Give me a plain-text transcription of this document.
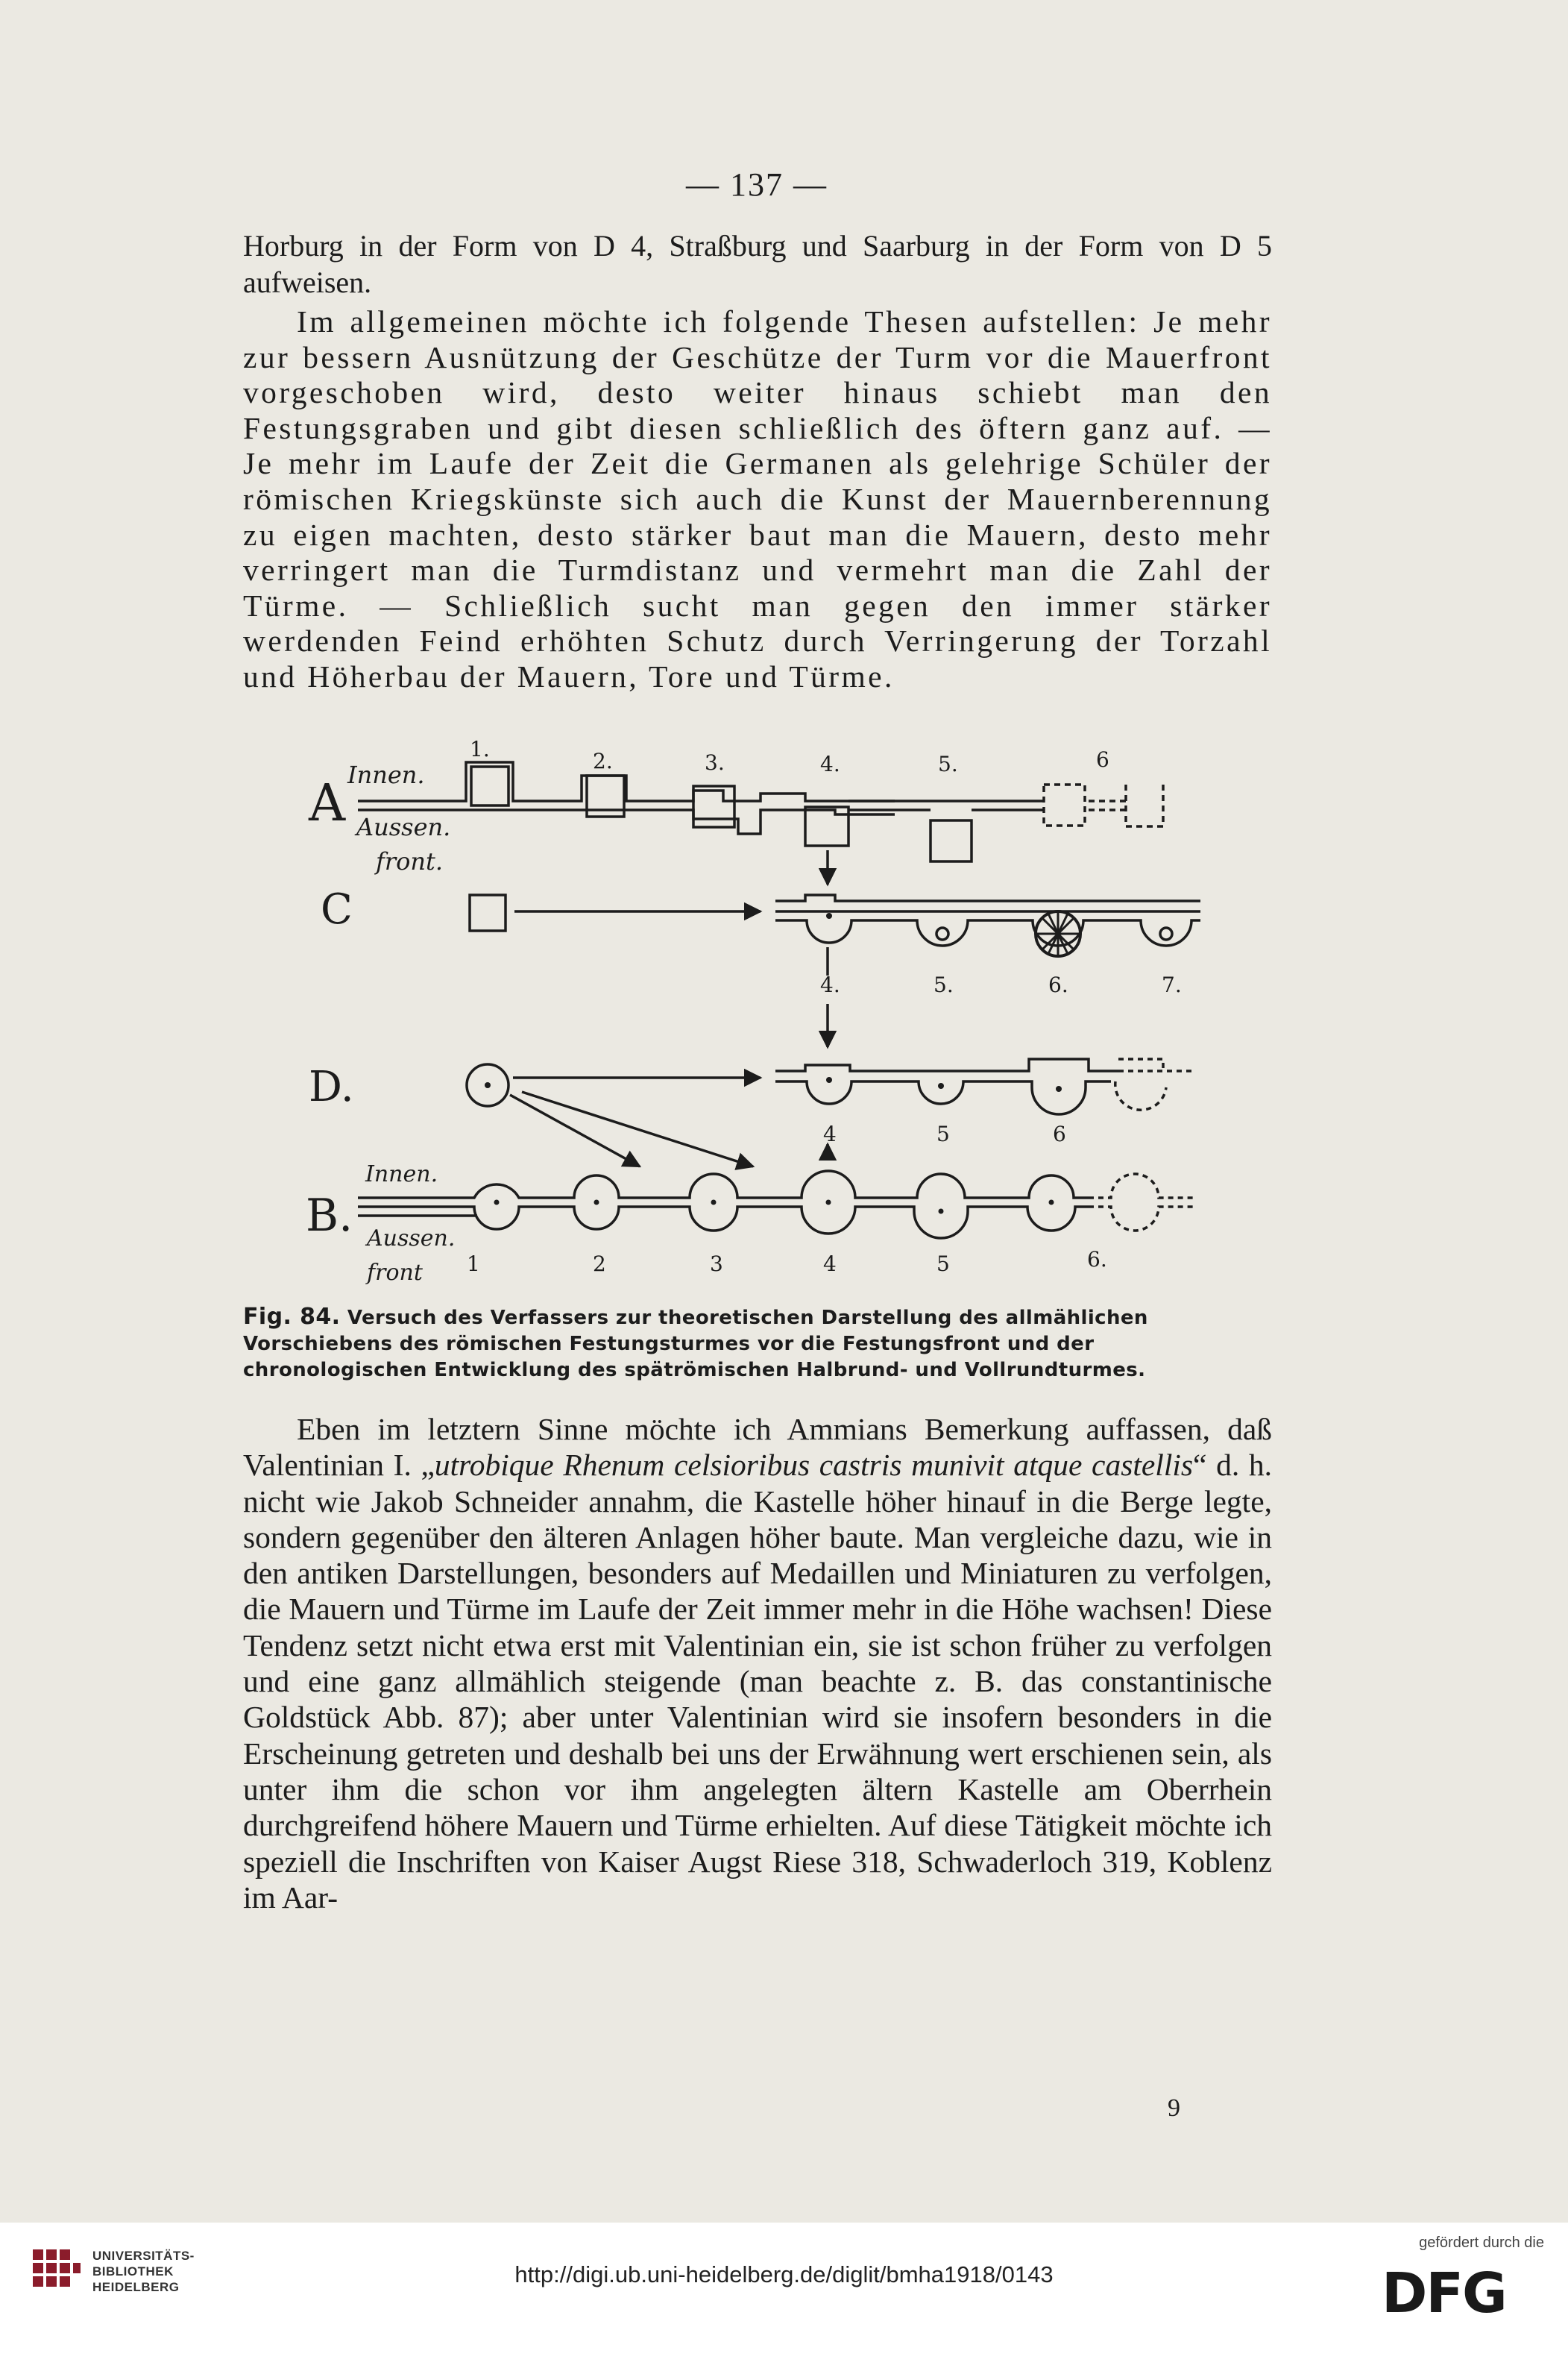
— 137 —

Horburg in der Form von D 4, Straßburg und Saarburg in der Form von D 5 aufweisen.

Im allgemeinen möchte ich folgende Thesen aufstellen: Je mehr zur bessern Ausnützung der Geschütze der Turm vor die Mauerfront vorgeschoben wird, desto weiter hinaus schiebt man den Festungsgraben und gibt diesen schließlich des öftern ganz auf. — Je mehr im Laufe der Zeit die Germanen als gelehrige Schüler der römischen Kriegskünste sich auch die Kunst der Mauernberennung zu eigen machten, desto stärker baut man die Mauern, desto mehr verringert man die Turmdistanz und vermehrt man die Zahl der Türme. — Schließlich sucht man gegen den immer stärker werdenden Feind erhöhten Schutz durch Verringerung der Torzahl und Höherbau der Mauern, Tore und Türme.

A Innen.
Aussen.
front.
1.	2.	3.	4.	5.	6
C
4.	5.	6.	7.
D.
4	5	6
B.
Innen.
Aussen.
front 1	2	3	4	5	6.
Fig. 84. Versuch des Verfassers zur theoretischen Darstellung des allmählichen Vorschiebens des römischen Festungsturmes vor die Festungsfront und der chronologischen Entwicklung des spätrömischen Halbrund- und Vollrundturmes.

Eben im letztern Sinne möchte ich Ammians Bemerkung auffassen, daß Valentinian I. „utrobique Rhenum celsioribus castris munivit atque castellis“ d. h. nicht wie Jakob Schneider annahm, die Kastelle höher hinauf in die Berge legte, sondern gegenüber den älteren Anlagen höher baute. Man vergleiche dazu, wie in den antiken Darstellungen, besonders auf Medaillen und Miniaturen zu verfolgen, die Mauern und Türme im Laufe der Zeit immer mehr in die Höhe wachsen! Diese Tendenz setzt nicht etwa erst mit Valentinian ein, sie ist schon früher zu verfolgen und eine ganz allmählich steigende (man beachte z. B. das constantinische Goldstück Abb. 87); aber unter Valentinian wird sie insofern besonders in die Erscheinung getreten und deshalb bei uns der Erwähnung wert erschienen sein, als unter ihm die schon vor ihm angelegten ältern Kastelle am Oberrhein durchgreifend höhere Mauern und Türme erhielten. Auf diese Tätigkeit möchte ich speziell die Inschriften von Kaiser Augst Riese 318, Schwaderloch 319, Koblenz im Aar-

9
UNIVERSITÄTS-
BIBLIOTHEK
HEIDELBERG	http://digi.ub.uni-heidelberg.de/diglit/bmha1918/0143
gefördert durch die
DFG
